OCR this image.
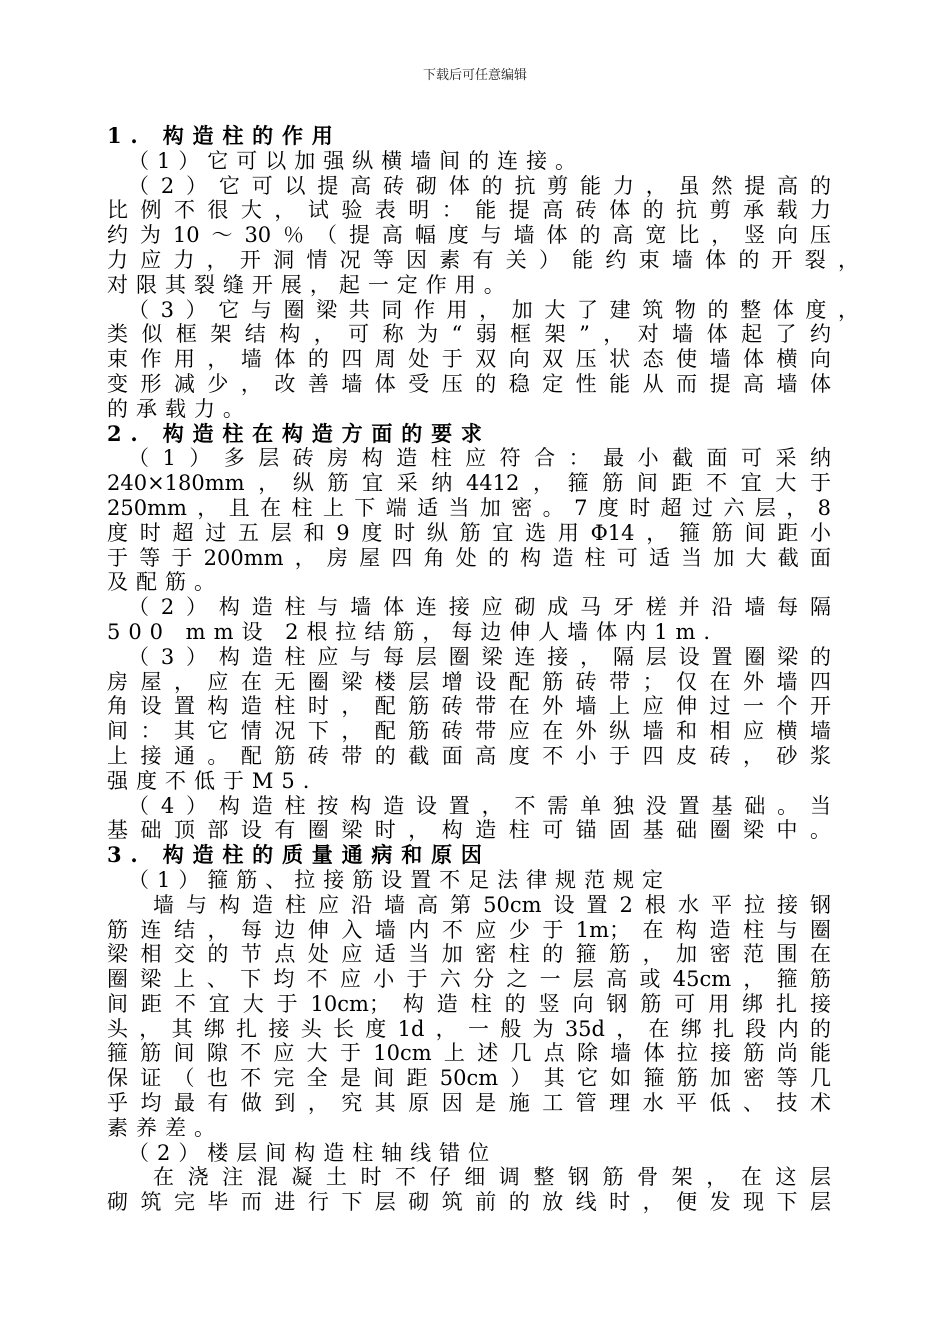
下载后可任意编辑
1. 构造柱的作用
（1）它可以加强纵横墙间的连接。
（2）它可以提高砖砌体的抗剪能力，虽然提高的
比例不很大，试验表明：能提高砖体的抗剪承载力
约为10～30％（提高幅度与墙体的高宽比，竖向压
力应力，开洞情况等因素有关）能约束墙体的开裂，
对限其裂缝开展，起一定作用。
（3）它与圈梁共同作用，加大了建筑物的整体度，
类似框架结构，可称为“弱框架”，对墙体起了约
束作用，墙体的四周处于双向双压状态使墙体横向
变形减少，改善墙体受压的稳定性能从而提高墙体
的承载力。
2. 构造柱在构造方面的要求
（1）多层砖房构造柱应符合：最小截面可采纳
240×180mm，纵筋宜采纳4412，箍筋间距不宜大于
250mm，且在柱上下端适当加密。7度时超过六层，8
度时超过五层和9度时纵筋宜选用Φ14，箍筋间距小
于等于200mm，房屋四角处的构造柱可适当加大截面
及配筋。
（2）构造柱与墙体连接应砌成马牙槎并沿墙每隔
500 mm设 2根拉结筋，每边伸人墙体内1m.
（3）构造柱应与每层圈梁连接，隔层设置圈梁的
房屋，应在无圈梁楼层增设配筋砖带；仅在外墙四
角设置构造柱时，配筋砖带在外墙上应伸过一个开
间：其它情况下，配筋砖带应在外纵墙和相应横墙
上接通。配筋砖带的截面高度不小于四皮砖，砂浆
强度不低于M5.
（4）构造柱按构造设置，不需单独没置基础。当
基础顶部设有圈梁时，构造柱可锚固基础圈梁中。
3. 构造柱的质量通病和原因
（1）箍筋、拉接筋设置不足法律规范规定
墙与构造柱应沿墙高第50cm设置2根水平拉接钢
筋连结，每边伸入墙内不应少于1m；在构造柱与圈
梁相交的节点处应适当加密柱的箍筋，加密范围在
圈梁上、下均不应小于六分之一层高或45cm，箍筋
间距不宜大于10cm；构造柱的竖向钢筋可用绑扎接
头，其绑扎接头长度1d，一般为35d，在绑扎段内的
箍筋间隙不应大于10cm上述几点除墙体拉接筋尚能
保证（也不完全是间距50cm）其它如箍筋加密等几
乎均最有做到，究其原因是施工管理水平低、技术
素养差。
（2）楼层间构造柱轴线错位
在浇注混凝土时不仔细调整钢筋骨架，在这层
砌筑完毕而进行下层砌筑前的放线时，便发现下层
